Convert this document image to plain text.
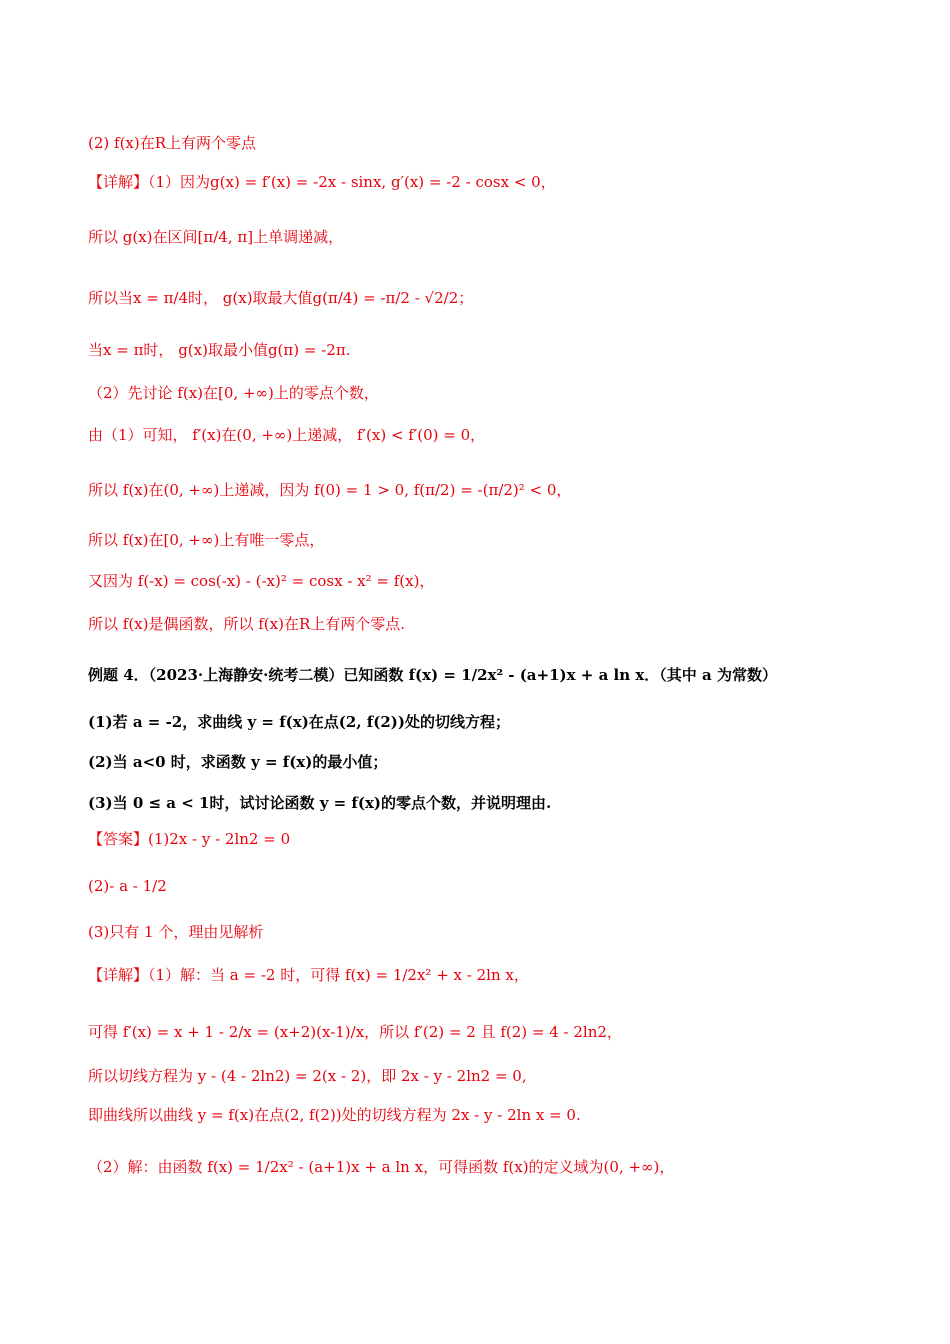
(2) f(x)在R上有两个零点
【详解】（1）因为g(x) = f′(x) = -2x - sinx, g′(x) = -2 - cosx < 0，
所以 g(x)在区间[π/4, π]上单调递减，
所以当x = π/4时， g(x)取最大值g(π/4) = -π/2 - √2/2；
当x = π时， g(x)取最小值g(π) = -2π.
（2）先讨论 f(x)在[0, +∞)上的零点个数，
由（1）可知， f′(x)在(0, +∞)上递减， f′(x) < f′(0) = 0，
所以 f(x)在(0, +∞)上递减，因为 f(0) = 1 > 0, f(π/2) = -(π/2)² < 0，
所以 f(x)在[0, +∞)上有唯一零点，
又因为 f(-x) = cos(-x) - (-x)² = cosx - x² = f(x)，
所以 f(x)是偶函数，所以 f(x)在R上有两个零点.
例题 4．（2023·上海静安·统考二模）已知函数 f(x) = 1/2x² - (a+1)x + a ln x．（其中 a 为常数）
(1)若 a = -2，求曲线 y = f(x)在点(2, f(2))处的切线方程；
(2)当 a<0 时，求函数 y = f(x)的最小值；
(3)当 0 ≤ a < 1时，试讨论函数 y = f(x)的零点个数，并说明理由.
【答案】(1)2x - y - 2ln2 = 0
(2)- a - 1/2
(3)只有 1 个，理由见解析
【详解】（1）解：当 a = -2 时，可得 f(x) = 1/2x² + x - 2ln x，
可得 f′(x) = x + 1 - 2/x = (x+2)(x-1)/x，所以 f′(2) = 2 且 f(2) = 4 - 2ln2，
所以切线方程为 y - (4 - 2ln2) = 2(x - 2)，即 2x - y - 2ln2 = 0,
即曲线所以曲线 y = f(x)在点(2, f(2))处的切线方程为 2x - y - 2ln x = 0.
（2）解：由函数 f(x) = 1/2x² - (a+1)x + a ln x，可得函数 f(x)的定义域为(0, +∞)，
